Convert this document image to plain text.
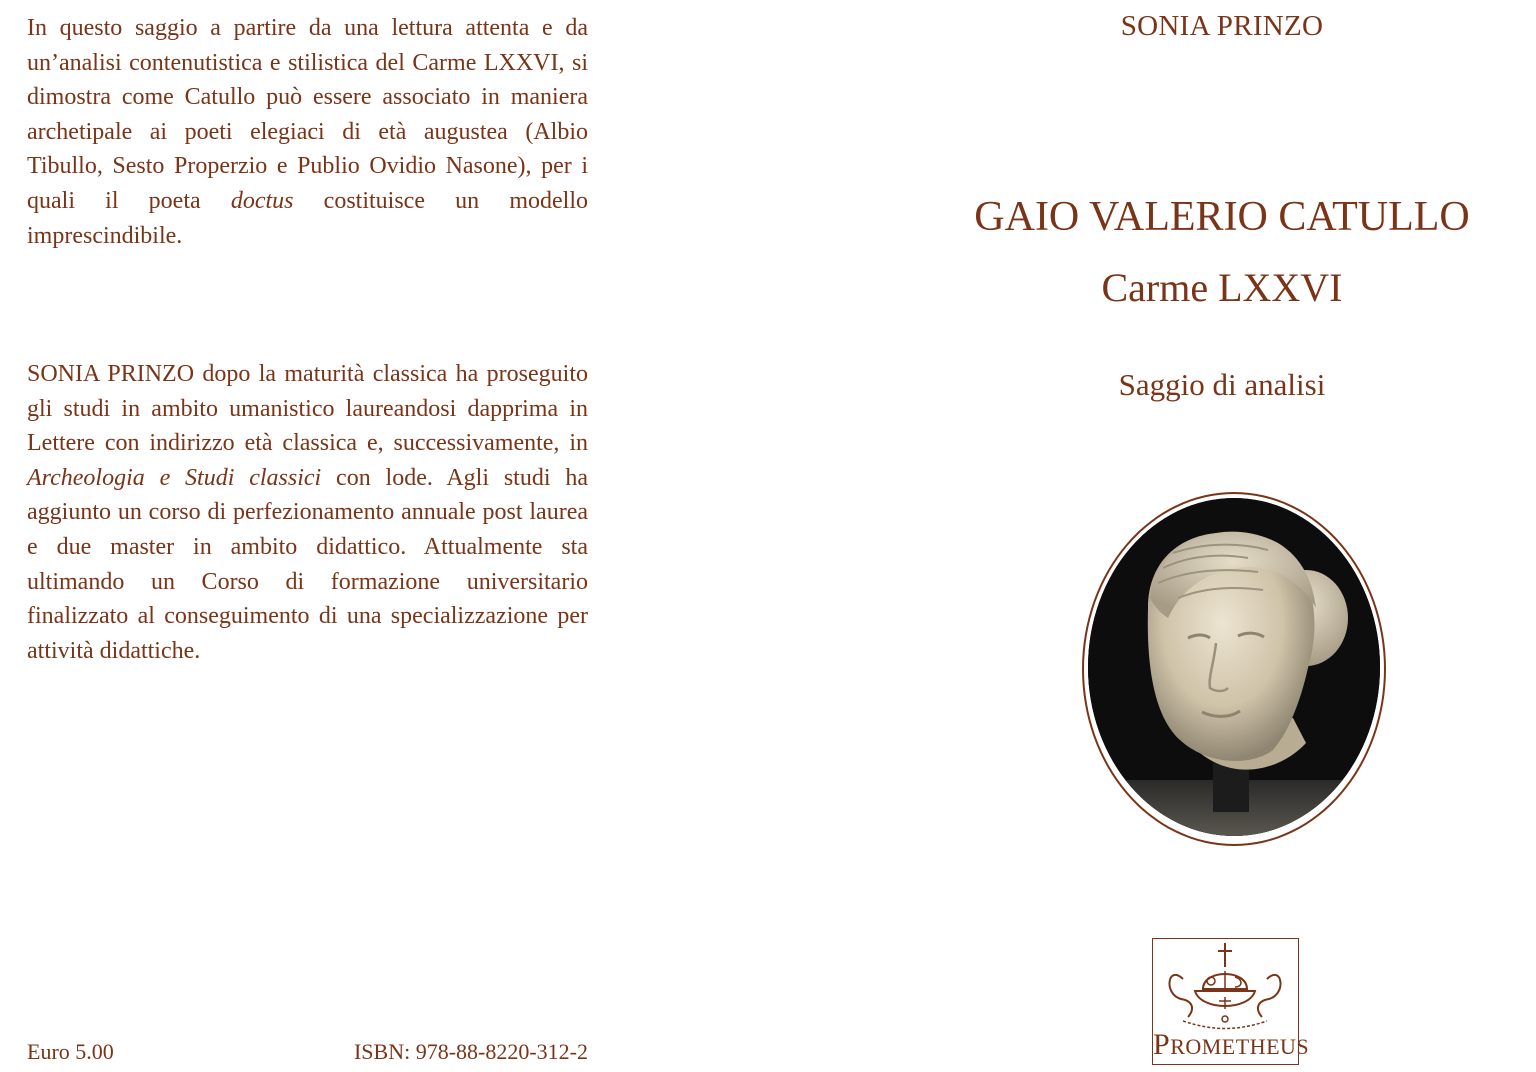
In questo saggio a partire da una lettura attenta e da un’analisi contenutistica e stilistica del Carme LXXVI, si dimostra come Catullo può essere associato in maniera archetipale ai poeti elegiaci di età augustea (Albio Tibullo, Sesto Properzio e Publio Ovidio Nasone), per i quali il poeta doctus costituisce un modello imprescindibile.

SONIA PRINZO dopo la maturità classica ha proseguito gli studi in ambito umanistico laureandosi dapprima in Lettere con indirizzo età classica e, successivamente, in Archeologia e Studi classici con lode. Agli studi ha aggiunto un corso di perfezionamento annuale post laurea e due master in ambito didattico. Attualmente sta ultimando un Corso di formazione universitario finalizzato al conseguimento di una specializzazione per attività didattiche.

Euro 5.00	ISBN: 978-88-8220-312-2
SONIA PRINZO
GAIO VALERIO CATULLO
Carme LXXVI
Saggio di analisi
PROMETHEUS
